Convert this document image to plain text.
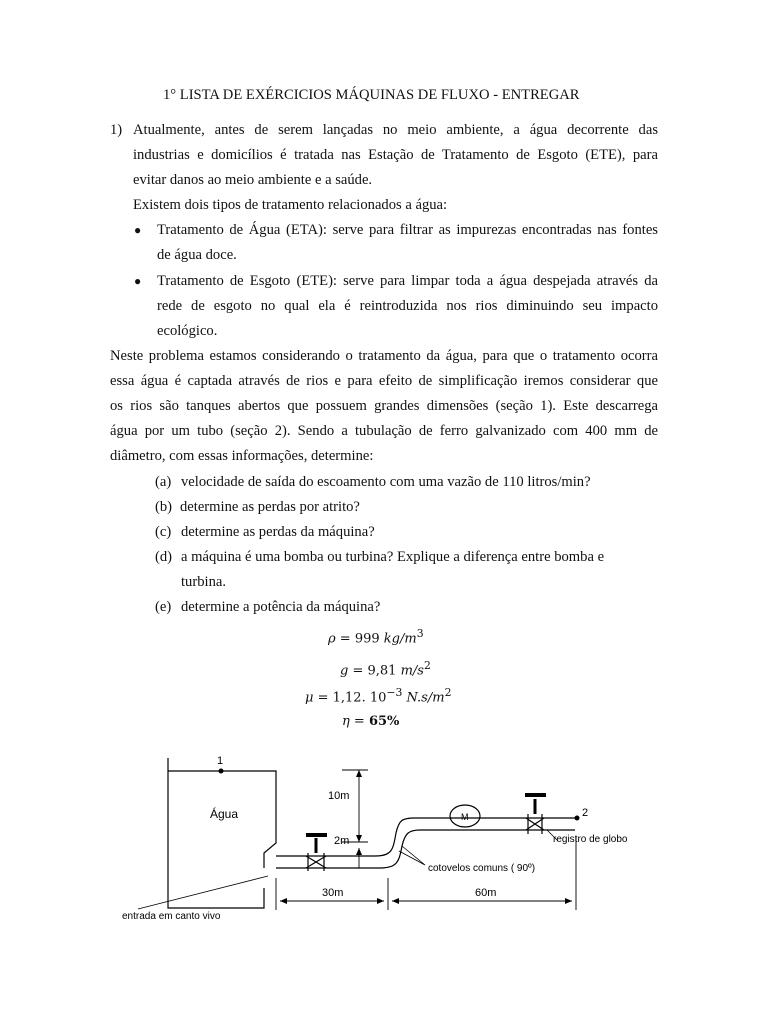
1° LISTA DE EXÉRCICIOS MÁQUINAS DE FLUXO - ENTREGAR
1) Atualmente, antes de serem lançadas no meio ambiente, a água decorrente das
industrias e domicílios é tratada nas Estação de Tratamento de Esgoto (ETE), para
evitar danos ao meio ambiente e a saúde.
Existem dois tipos de tratamento relacionados a água:
● Tratamento de Água (ETA): serve para filtrar as impurezas encontradas nas fontes
de água doce.
● Tratamento de Esgoto (ETE): serve para limpar toda a água despejada através da
rede de esgoto no qual ela é reintroduzida nos rios diminuindo seu impacto
ecológico.
Neste problema estamos considerando o tratamento da água, para que o tratamento ocorra
essa água é captada através de rios e para efeito de simplificação iremos considerar que
os rios são tanques abertos que possuem grandes dimensões (seção 1). Este descarrega
água por um tubo (seção 2). Sendo a tubulação de ferro galvanizado com 400 mm de
diâmetro, com essas informações, determine:
(a) velocidade de saída do escoamento com uma vazão de 110 litros/min?
(b) determine as perdas por atrito?
(c) determine as perdas da máquina?
(d) a máquina é uma bomba ou turbina? Explique a diferença entre bomba e
turbina.
(e) determine a potência da máquina?
ρ = 999 $kg/m^3$
g = 9,81 $m/s^2$
μ = 1,12. $10^{-3}$ $N.s/m^2$
η = 65%
1
2
Água
10m
2m
M
registro de globo
cotovelos comuns ( 90º)
entrada em canto vivo
30m	60m
